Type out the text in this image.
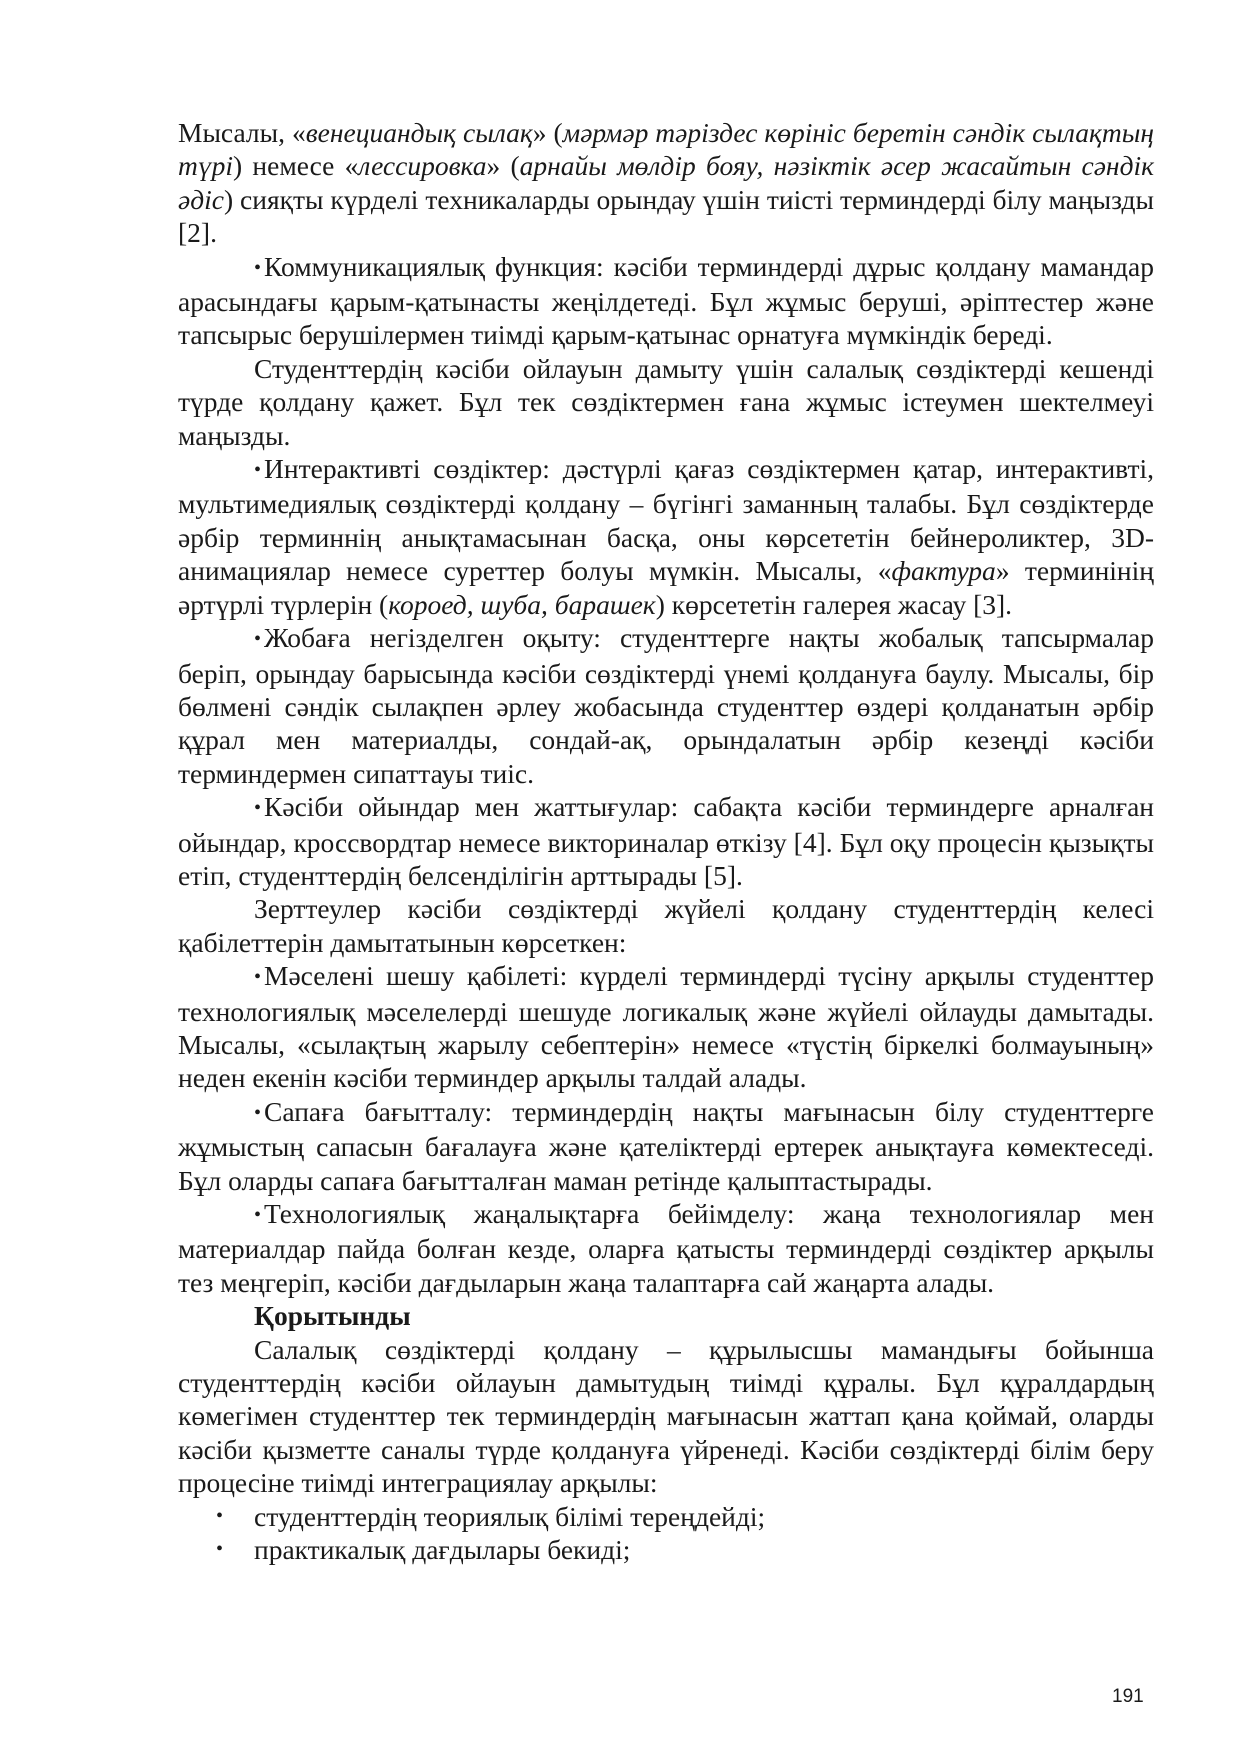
Мысалы, «венециандық сылақ» (мәрмәр тәріздес көрініс беретін сәндік сылақтың түрі) немесе «лессировка» (арнайы мөлдір бояу, нәзіктік әсер жасайтын сәндік әдіс) сияқты күрделі техникаларды орындау үшін тиісті терминдерді білу маңызды [2].

• Коммуникациялық функция: кәсіби терминдерді дұрыс қолдану мамандар арасындағы қарым-қатынасты жеңілдетеді. Бұл жұмыс беруші, әріптестер және тапсырыс берушілермен тиімді қарым-қатынас орнатуға мүмкіндік береді.

Студенттердің кәсіби ойлауын дамыту үшін салалық сөздіктерді кешенді түрде қолдану қажет. Бұл тек сөздіктермен ғана жұмыс істеумен шектелмеуі маңызды.

• Интерактивті сөздіктер: дәстүрлі қағаз сөздіктермен қатар, интерактивті, мультимедиялық сөздіктерді қолдану – бүгінгі заманның талабы. Бұл сөздіктерде әрбір терминнің анықтамасынан басқа, оны көрсететін бейнероликтер, 3D-анимациялар немесе суреттер болуы мүмкін. Мысалы, «фактура» терминінің әртүрлі түрлерін (короед, шуба, барашек) көрсететін галерея жасау [3].

• Жобаға негізделген оқыту: студенттерге нақты жобалық тапсырмалар беріп, орындау барысында кәсіби сөздіктерді үнемі қолдануға баулу. Мысалы, бір бөлмені сәндік сылақпен әрлеу жобасында студенттер өздері қолданатын әрбір құрал мен материалды, сондай-ақ, орындалатын әрбір кезеңді кәсіби терминдермен сипаттауы тиіс.

• Кәсіби ойындар мен жаттығулар: сабақта кәсіби терминдерге арналған ойындар, кроссвордтар немесе викториналар өткізу [4]. Бұл оқу процесін қызықты етіп, студенттердің белсенділігін арттырады [5].

Зерттеулер кәсіби сөздіктерді жүйелі қолдану студенттердің келесі қабілеттерін дамытатынын көрсеткен:

• Мәселені шешу қабілеті: күрделі терминдерді түсіну арқылы студенттер технологиялық мәселелерді шешуде логикалық және жүйелі ойлауды дамытады. Мысалы, «сылақтың жарылу себептерін» немесе «түстің біркелкі болмауының» неден екенін кәсіби терминдер арқылы талдай алады.

• Сапаға бағытталу: терминдердің нақты мағынасын білу студенттерге жұмыстың сапасын бағалауға және қателіктерді ертерек анықтауға көмектеседі. Бұл оларды сапаға бағытталған маман ретінде қалыптастырады.

• Технологиялық жаңалықтарға бейімделу: жаңа технологиялар мен материалдар пайда болған кезде, оларға қатысты терминдерді сөздіктер арқылы тез меңгеріп, кәсіби дағдыларын жаңа талаптарға сай жаңарта алады.

Қорытынды

Салалық сөздіктерді қолдану – құрылысшы мамандығы бойынша студенттердің кәсіби ойлауын дамытудың тиімді құралы. Бұл құралдардың көмегімен студенттер тек терминдердің мағынасын жаттап қана қоймай, оларды кәсіби қызметте саналы түрде қолдануға үйренеді. Кәсіби сөздіктерді білім беру процесіне тиімді интеграциялау арқылы:

• студенттердің теориялық білімі тереңдейді;
• практикалық дағдылары бекиді;
191
